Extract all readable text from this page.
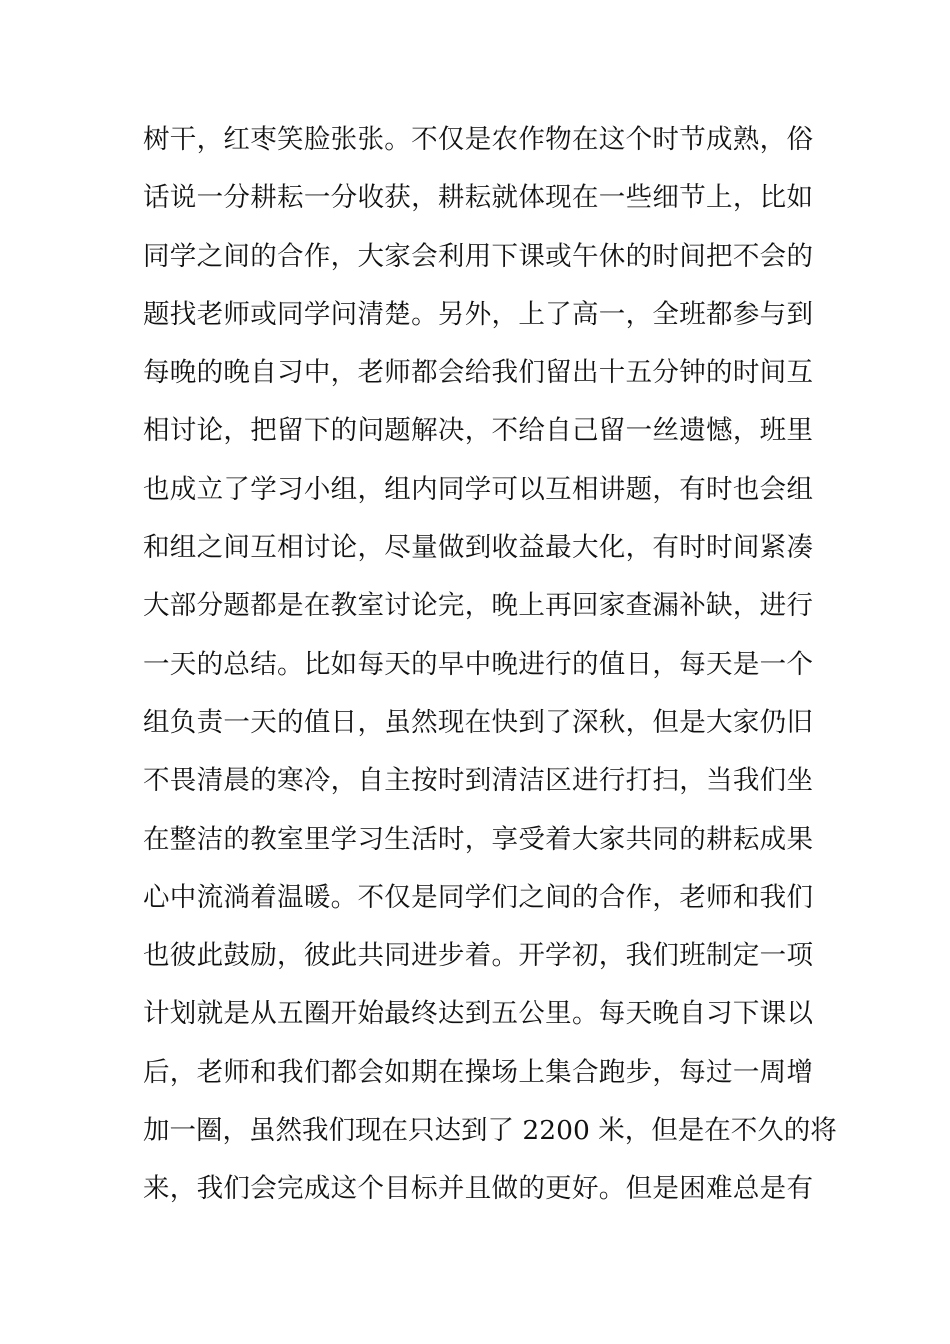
树干，红枣笑脸张张。不仅是农作物在这个时节成熟，俗
话说一分耕耘一分收获，耕耘就体现在一些细节上，比如
同学之间的合作，大家会利用下课或午休的时间把不会的
题找老师或同学问清楚。另外，上了高一，全班都参与到
每晚的晚自习中，老师都会给我们留出十五分钟的时间互
相讨论，把留下的问题解决，不给自己留一丝遗憾，班里
也成立了学习小组，组内同学可以互相讲题，有时也会组
和组之间互相讨论，尽量做到收益最大化，有时时间紧凑
大部分题都是在教室讨论完，晚上再回家查漏补缺，进行
一天的总结。比如每天的早中晚进行的值日，每天是一个
组负责一天的值日，虽然现在快到了深秋，但是大家仍旧
不畏清晨的寒冷，自主按时到清洁区进行打扫，当我们坐
在整洁的教室里学习生活时，享受着大家共同的耕耘成果
心中流淌着温暖。不仅是同学们之间的合作，老师和我们
也彼此鼓励，彼此共同进步着。开学初，我们班制定一项
计划就是从五圈开始最终达到五公里。每天晚自习下课以
后，老师和我们都会如期在操场上集合跑步，每过一周增
加一圈，虽然我们现在只达到了 2200 米，但是在不久的将
来，我们会完成这个目标并且做的更好。但是困难总是有
